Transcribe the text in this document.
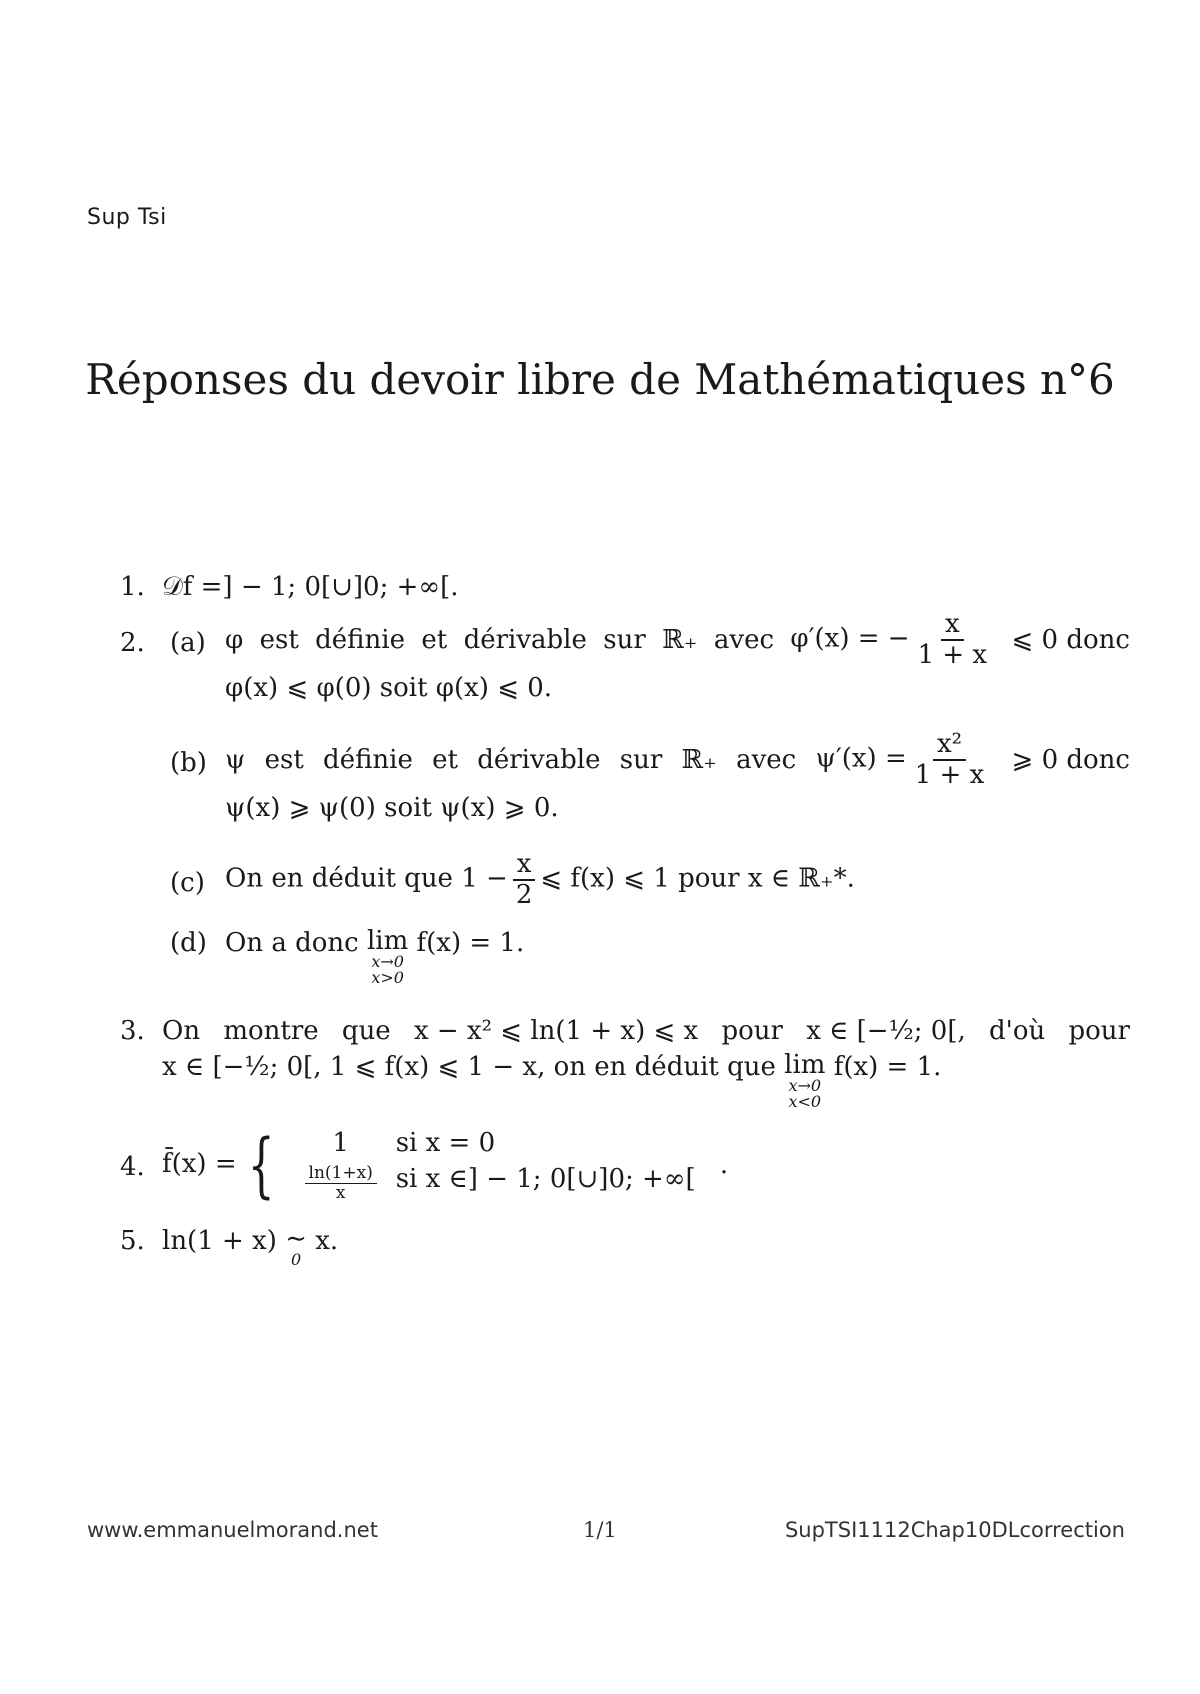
Sup Tsi
Réponses du devoir libre de Mathématiques n°6
1. 𝒟f =] − 1; 0[∪]0; +∞[.
2. (a) φ est définie et dérivable sur ℝ₊ avec φ′(x) = − $\frac{x}{1 + x}$ ⩽ 0 donc
φ(x) ⩽ φ(0) soit φ(x) ⩽ 0.
(b) ψ est définie et dérivable sur ℝ₊ avec $\psi'(x) = \frac{\text{x²}}{1 + x}$ ⩾ 0 donc
ψ(x) ⩾ ψ(0) soit ψ(x) ⩾ 0.
(c) On en déduit que $1 - \frac{x}{2}$ ⩽ f(x) ⩽ 1 pour x ∈ ℝ₊*.
(d) On a donc lim
x→0
x>0
f(x) = 1.
3. On montre que x − x² ⩽ ln(1 + x) ⩽ x pour x ∈ [−½; 0[, d'où pour
x ∈ [−½; 0[, 1 ⩽ f(x) ⩽ 1 − x, on en déduit que lim
x→0
x<0
f(x) = 1.
4. f̄(x) = {	1	si x = 0
$\frac{\ln(1+x)}{x}$ si x ∈] − 1; 0[∪]0; +∞[ .
5. ln(1 + x) ∼
0
x.
www.emmanuelmorand.net	1/1	SupTSI1112Chap10DLcorrection
